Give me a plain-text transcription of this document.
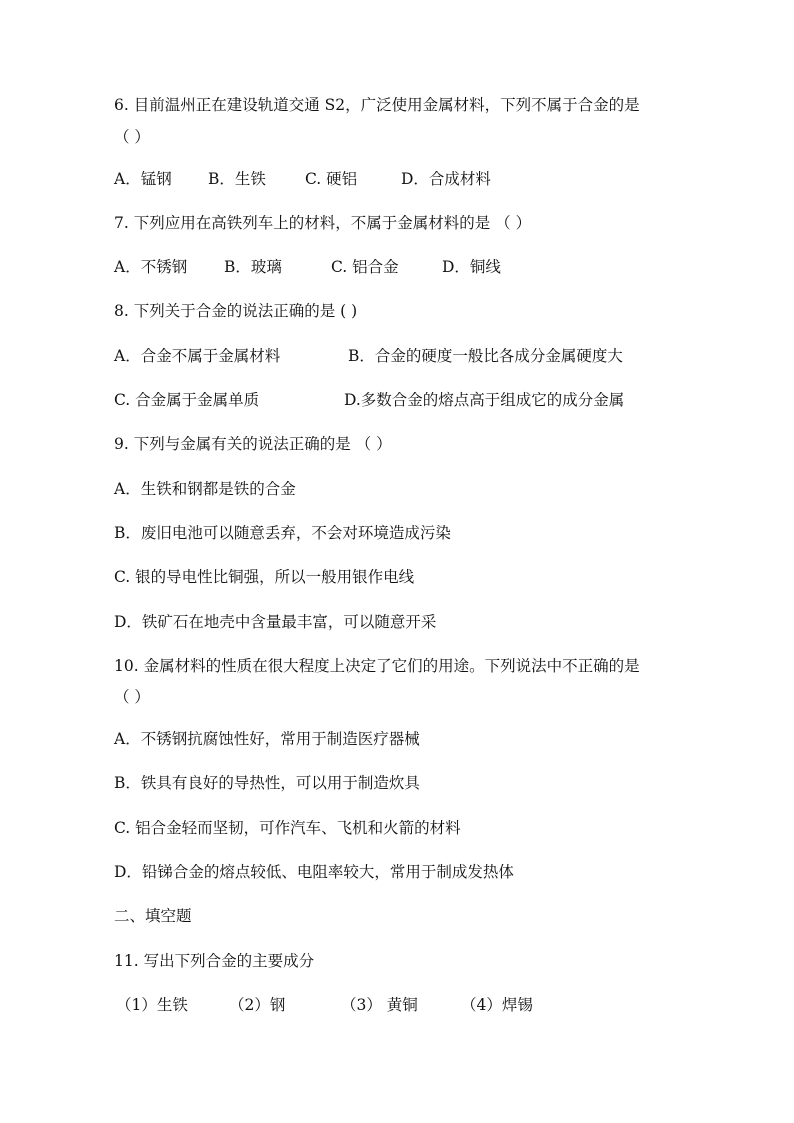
6. 目前温州正在建设轨道交通 S2，广泛使用金属材料，下列不属于合金的是
（ ）
A．锰钢 B．生铁	C. 硬铝	D．合成材料
7. 下列应用在高铁列车上的材料，不属于金属材料的是 （ ）
A．不锈钢 B．玻璃	C. 铝合金	D．铜线
8. 下列关于合金的说法正确的是 ( )
A．合金不属于金属材料	B．合金的硬度一般比各成分金属硬度大
C. 合金属于金属单质	D.多数合金的熔点高于组成它的成分金属
9. 下列与金属有关的说法正确的是 （ ）
A．生铁和钢都是铁的合金
B．废旧电池可以随意丢弃，不会对环境造成污染
C. 银的导电性比铜强，所以一般用银作电线
D．铁矿石在地壳中含量最丰富，可以随意开采
10. 金属材料的性质在很大程度上决定了它们的用途。下列说法中不正确的是
（ ）
A．不锈钢抗腐蚀性好，常用于制造医疗器械
B．铁具有良好的导热性，可以用于制造炊具
C. 铝合金轻而坚韧，可作汽车、飞机和火箭的材料
D．铅锑合金的熔点较低、电阻率较大，常用于制成发热体
二、填空题
11. 写出下列合金的主要成分
（1）生铁	（2）钢	（3） 黄铜	（4）焊锡
